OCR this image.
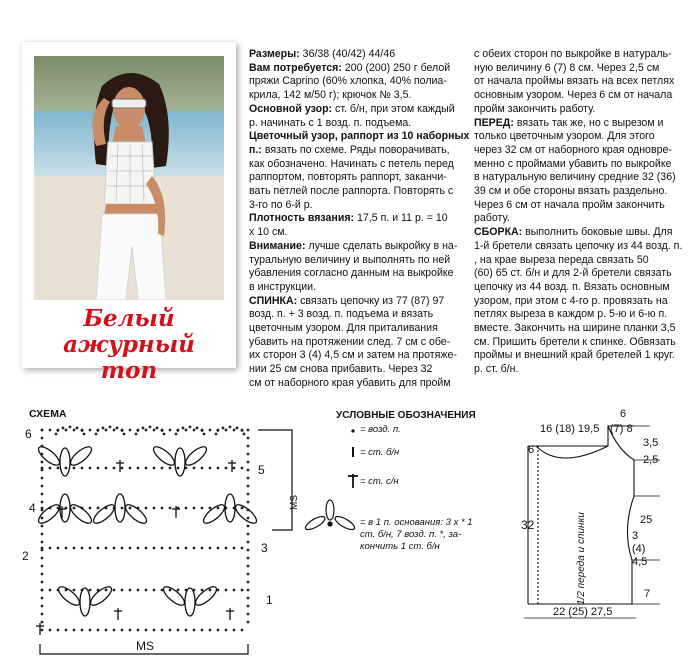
Белый ажурный
топ
Размеры: 36/38 (40/42) 44/46
Вам потребуется: 200 (200) 250 г белой
пряжи Caprino (60% хлопка, 40% полиа-
крила, 142 м/50 г); крючок № 3,5.
Основной узор: ст. б/н, при этом каждый
р. начинать с 1 возд. п. подъема.
Цветочный узор, раппорт из 10 наборных
п.: вязать по схеме. Ряды поворачивать,
как обозначено. Начинать с петель перед
раппортом, повторять раппорт, заканчи-
вать петлей после раппорта. Повторять с
3-го по 6-й р.
Плотность вязания: 17,5 п. и 11 р. = 10
х 10 см.
Внимание: лучше сделать выкройку в на-
туральную величину и выполнять по ней
убавления согласно данным на выкройке
в инструкции.
СПИНКА: связать цепочку из 77 (87) 97
возд. п. + 3 возд. п. подъема и вязать
цветочным узором. Для приталивания
убавить на протяжении след. 7 см с обе-
их сторон 3 (4) 4,5 см и затем на протяже-
нии 25 см снова прибавить. Через 32
см от наборного края убавить для пройм
с обеих сторон по выкройке в натураль-
ную величину 6 (7) 8 см. Через 2,5 см
от начала проймы вязать на всех петлях
основным узором. Через 6 см от начала
пройм закончить работу.
ПЕРЕД: вязать так же, но с вырезом и
только цветочным узором. Для этого
через 32 см от наборного края одновре-
менно с проймами убавить по выкройке
в натуральную величину средние 32 (36)
39 см и обе стороны вязать раздельно.
Через 6 см от начала пройм закончить
работу.
СБОРКА: выполнить боковые швы. Для
1-й бретели связать цепочку из 44 возд. п.
, на крае выреза переда связать 50
(60) 65 ст. б/н и для 2-й бретели связать
цепочку из 44 возд. п. Вязать основным
узором, при этом с 4-го р. провязать на
петлях выреза в каждом р. 5-ю и 6-ю п.
вместе. Закончить на ширине планки 3,5
см. Пришить бретели к спинке. Обвязать
проймы и внешний край бретелей 1 круг.
р. ст. б/н.
СХЕМА
6
5
4
3
2
1
MS
MS
УСЛОВНЫЕ ОБОЗНАЧЕНИЯ
= возд. п.
= ст. б/н
= ст. с/н
= в 1 п. основания: 3 х * 1 ст. б/н, 7 возд. п. *, за-кончить 1 ст. б/н
16 (18) 19,5
6
(7) 8
3,5
2,5
6
32	25
3
(4)
4,5
7
22 (25) 27,5
1/2 переда и спинки
